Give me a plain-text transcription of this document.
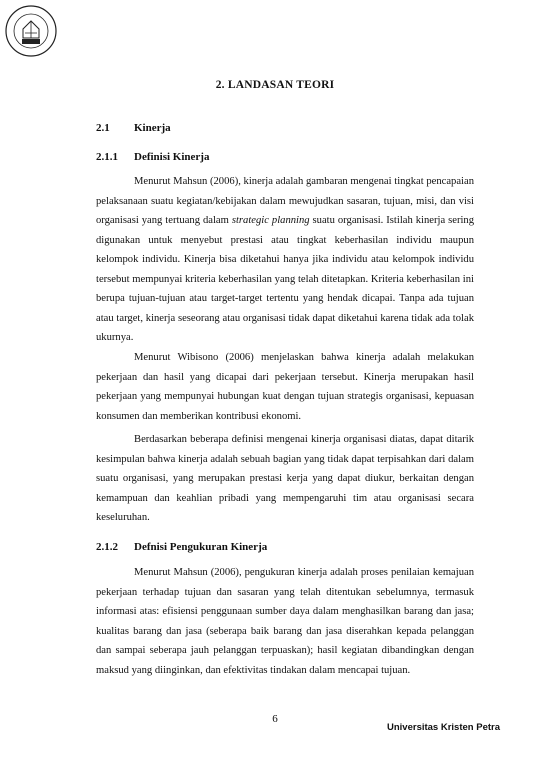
2. LANDASAN TEORI
2.1 Kinerja
2.1.1 Definisi Kinerja
Menurut Mahsun (2006), kinerja adalah gambaran mengenai tingkat pencapaian pelaksanaan suatu kegiatan/kebijakan dalam mewujudkan sasaran, tujuan, misi, dan visi organisasi yang tertuang dalam strategic planning suatu organisasi. Istilah kinerja sering digunakan untuk menyebut prestasi atau tingkat keberhasilan individu maupun kelompok individu. Kinerja bisa diketahui hanya jika individu atau kelompok individu tersebut mempunyai kriteria keberhasilan yang telah ditetapkan. Kriteria keberhasilan ini berupa tujuan-tujuan atau target-target tertentu yang hendak dicapai. Tanpa ada tujuan atau target, kinerja seseorang atau organisasi tidak dapat diketahui karena tidak ada tolak ukurnya.
Menurut Wibisono (2006) menjelaskan bahwa kinerja adalah melakukan pekerjaan dan hasil yang dicapai dari pekerjaan tersebut. Kinerja merupakan hasil pekerjaan yang mempunyai hubungan kuat dengan tujuan strategis organisasi, kepuasan konsumen dan memberikan kontribusi ekonomi.
Berdasarkan beberapa definisi mengenai kinerja organisasi diatas, dapat ditarik kesimpulan bahwa kinerja adalah sebuah bagian yang tidak dapat terpisahkan dari dalam suatu organisasi, yang merupakan prestasi kerja yang dapat diukur, berkaitan dengan kemampuan dan keahlian pribadi yang mempengaruhi tim atau organisasi secara keseluruhan.
2.1.2 Defnisi Pengukuran Kinerja
Menurut Mahsun (2006), pengukuran kinerja adalah proses penilaian kemajuan pekerjaan terhadap tujuan dan sasaran yang telah ditentukan sebelumnya, termasuk informasi atas: efisiensi penggunaan sumber daya dalam menghasilkan barang dan jasa; kualitas barang dan jasa (seberapa baik barang dan jasa diserahkan kepada pelanggan dan sampai seberapa jauh pelanggan terpuaskan); hasil kegiatan dibandingkan dengan maksud yang diinginkan, dan efektivitas tindakan dalam mencapai tujuan.
6
Universitas Kristen Petra
